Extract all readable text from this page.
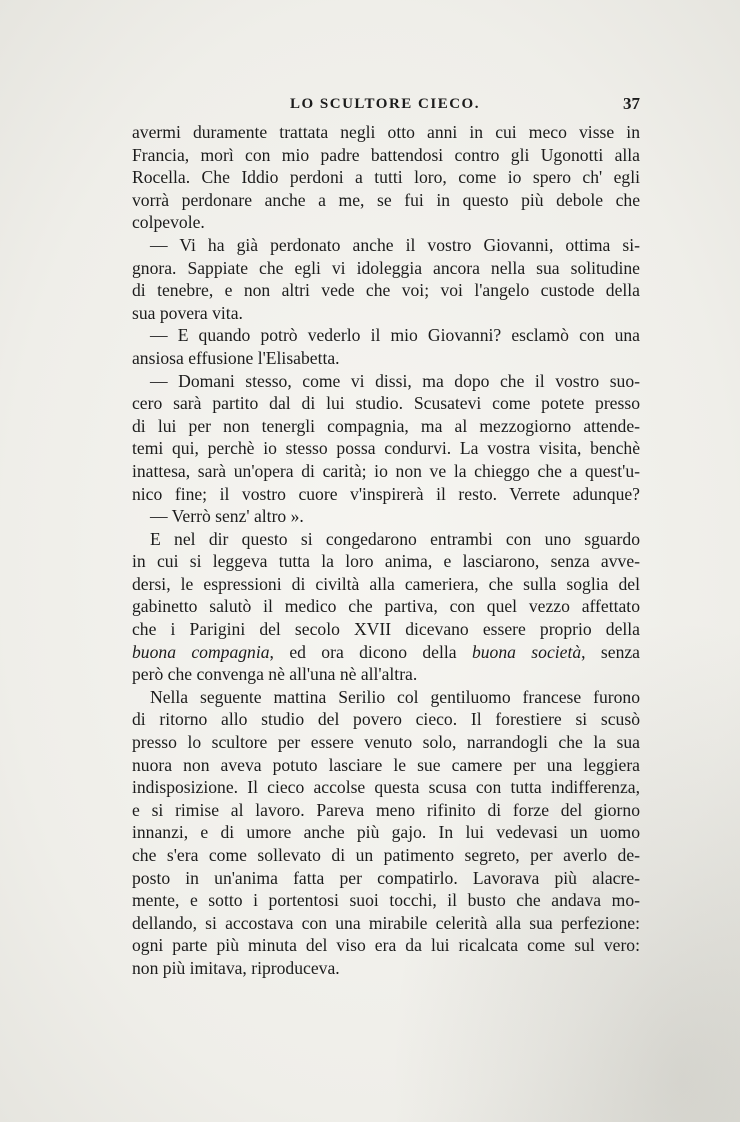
LO SCULTORE CIECO.	37
avermi duramente trattata negli otto anni in cui meco visse in
Francia, morì con mio padre battendosi contro gli Ugonotti alla
Rocella. Che Iddio perdoni a tutti loro, come io spero ch' egli
vorrà perdonare anche a me, se fui in questo più debole che
colpevole.
— Vi ha già perdonato anche il vostro Giovanni, ottima si-
gnora. Sappiate che egli vi idoleggia ancora nella sua solitudine
di tenebre, e non altri vede che voi; voi l'angelo custode della
sua povera vita.
— E quando potrò vederlo il mio Giovanni? esclamò con una
ansiosa effusione l'Elisabetta.
— Domani stesso, come vi dissi, ma dopo che il vostro suo-
cero sarà partito dal di lui studio. Scusatevi come potete presso
di lui per non tenergli compagnia, ma al mezzogiorno attende-
temi qui, perchè io stesso possa condurvi. La vostra visita, benchè
inattesa, sarà un'opera di carità; io non ve la chieggo che a quest'u-
nico fine; il vostro cuore v'inspirerà il resto. Verrete adunque?
— Verrò senz' altro ».
E nel dir questo si congedarono entrambi con uno sguardo
in cui si leggeva tutta la loro anima, e lasciarono, senza avve-
dersi, le espressioni di civiltà alla cameriera, che sulla soglia del
gabinetto salutò il medico che partiva, con quel vezzo affettato
che i Parigini del secolo XVII dicevano essere proprio della
buona compagnia, ed ora dicono della buona società, senza
però che convenga nè all'una nè all'altra.
Nella seguente mattina Serilio col gentiluomo francese furono
di ritorno allo studio del povero cieco. Il forestiere si scusò
presso lo scultore per essere venuto solo, narrandogli che la sua
nuora non aveva potuto lasciare le sue camere per una leggiera
indisposizione. Il cieco accolse questa scusa con tutta indifferenza,
e si rimise al lavoro. Pareva meno rifinito di forze del giorno
innanzi, e di umore anche più gajo. In lui vedevasi un uomo
che s'era come sollevato di un patimento segreto, per averlo de-
posto in un'anima fatta per compatirlo. Lavorava più alacre-
mente, e sotto i portentosi suoi tocchi, il busto che andava mo-
dellando, si accostava con una mirabile celerità alla sua perfezione:
ogni parte più minuta del viso era da lui ricalcata come sul vero:
non più imitava, riproduceva.
